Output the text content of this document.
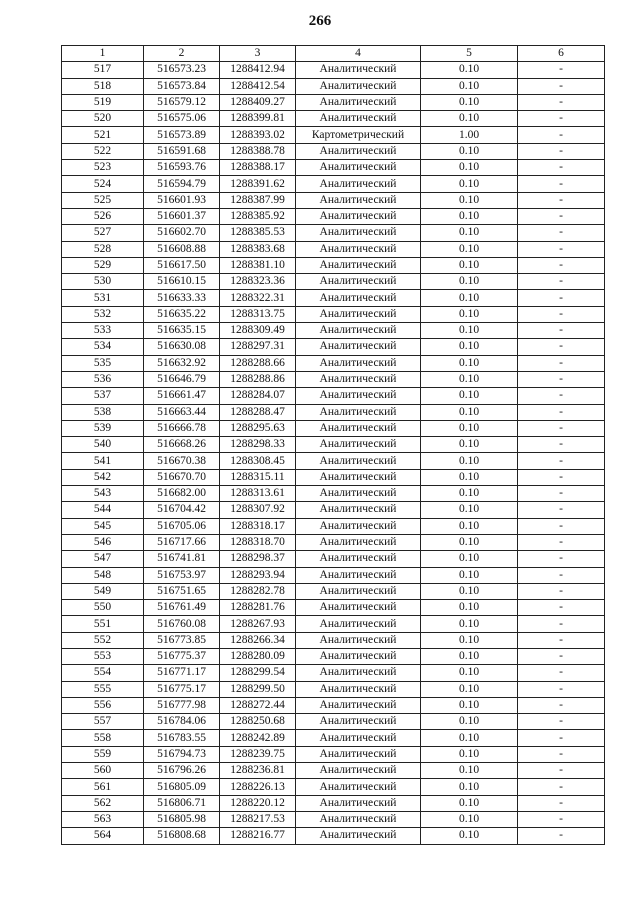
266
1	2	3	4	5	6
517	516573.23	1288412.94	Аналитический	0.10	-
518	516573.84	1288412.54	Аналитический	0.10	-
519	516579.12	1288409.27	Аналитический	0.10	-
520	516575.06	1288399.81	Аналитический	0.10	-
521	516573.89	1288393.02	Картометрический	1.00	-
522	516591.68	1288388.78	Аналитический	0.10	-
523	516593.76	1288388.17	Аналитический	0.10	-
524	516594.79	1288391.62	Аналитический	0.10	-
525	516601.93	1288387.99	Аналитический	0.10	-
526	516601.37	1288385.92	Аналитический	0.10	-
527	516602.70	1288385.53	Аналитический	0.10	-
528	516608.88	1288383.68	Аналитический	0.10	-
529	516617.50	1288381.10	Аналитический	0.10	-
530	516610.15	1288323.36	Аналитический	0.10	-
531	516633.33	1288322.31	Аналитический	0.10	-
532	516635.22	1288313.75	Аналитический	0.10	-
533	516635.15	1288309.49	Аналитический	0.10	-
534	516630.08	1288297.31	Аналитический	0.10	-
535	516632.92	1288288.66	Аналитический	0.10	-
536	516646.79	1288288.86	Аналитический	0.10	-
537	516661.47	1288284.07	Аналитический	0.10	-
538	516663.44	1288288.47	Аналитический	0.10	-
539	516666.78	1288295.63	Аналитический	0.10	-
540	516668.26	1288298.33	Аналитический	0.10	-
541	516670.38	1288308.45	Аналитический	0.10	-
542	516670.70	1288315.11	Аналитический	0.10	-
543	516682.00	1288313.61	Аналитический	0.10	-
544	516704.42	1288307.92	Аналитический	0.10	-
545	516705.06	1288318.17	Аналитический	0.10	-
546	516717.66	1288318.70	Аналитический	0.10	-
547	516741.81	1288298.37	Аналитический	0.10	-
548	516753.97	1288293.94	Аналитический	0.10	-
549	516751.65	1288282.78	Аналитический	0.10	-
550	516761.49	1288281.76	Аналитический	0.10	-
551	516760.08	1288267.93	Аналитический	0.10	-
552	516773.85	1288266.34	Аналитический	0.10	-
553	516775.37	1288280.09	Аналитический	0.10	-
554	516771.17	1288299.54	Аналитический	0.10	-
555	516775.17	1288299.50	Аналитический	0.10	-
556	516777.98	1288272.44	Аналитический	0.10	-
557	516784.06	1288250.68	Аналитический	0.10	-
558	516783.55	1288242.89	Аналитический	0.10	-
559	516794.73	1288239.75	Аналитический	0.10	-
560	516796.26	1288236.81	Аналитический	0.10	-
561	516805.09	1288226.13	Аналитический	0.10	-
562	516806.71	1288220.12	Аналитический	0.10	-
563	516805.98	1288217.53	Аналитический	0.10	-
564	516808.68	1288216.77	Аналитический	0.10	-
